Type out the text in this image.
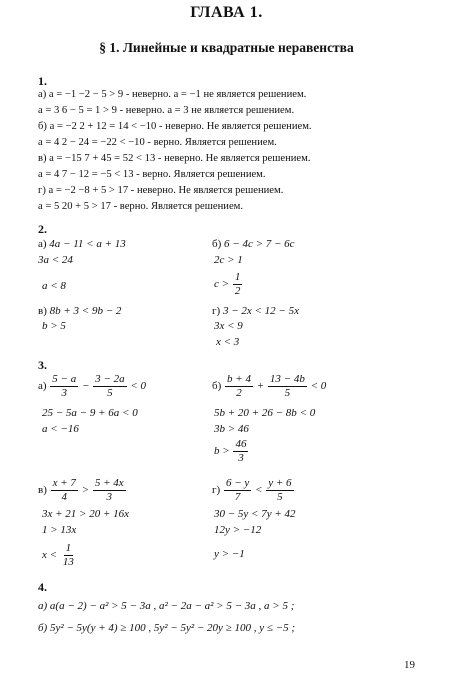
ГЛАВА 1.
§ 1. Линейные и квадратные неравенства
1.
а) a = −1 −2 − 5 > 9 - неверно. a = −1 не является решением.
a = 3 6 − 5 = 1 > 9 - неверно. a = 3 не является решением.
б) a = −2 2 + 12 = 14 < −10 - неверно. Не является решением.
a = 4 2 − 24 = −22 < −10 - верно. Является решением.
в) a = −15 7 + 45 = 52 < 13 - неверно. Не является решением.
a = 4 7 − 12 = −5 < 13 - верно. Является решением.
г) a = −2 −8 + 5 > 17 - неверно. Не является решением.
a = 5 20 + 5 > 17 - верно. Является решением.
2.
а) 4a − 11 < a + 13
3a < 24
a < 8
б) 6 − 4c > 7 − 6c
2c > 1
$c > \frac{1}{2}$
в) 8b + 3 < 9b − 2
b > 5
г) 3 − 2x < 12 − 5x
3x < 9
x < 3
3.
$а) \frac{5 - a}{3} - \frac{3 - 2a}{5} < 0$
25 − 5a − 9 + 6a < 0
a < −16
$б) \frac{b + 4}{2} + \frac{13 - 4b}{5} < 0$
5b + 20 + 26 − 8b < 0
3b > 46
$b > \frac{46}{3}$
$в) \frac{x + 7}{4} > \frac{5 + 4x}{3}$
3x + 21 > 20 + 16x
1 > 13x
$x < \frac{1}{13}$
$г) \frac{6 - y}{7} < \frac{y + 6}{5}$
30 − 5y < 7y + 42
12y > −12
y > −1
4.
а) a(a − 2) − a² > 5 − 3a , a² − 2a − a² > 5 − 3a , a > 5 ;
б) 5y² − 5y(y + 4) ≥ 100 , 5y² − 5y² − 20y ≥ 100 , y ≤ −5 ;
19
